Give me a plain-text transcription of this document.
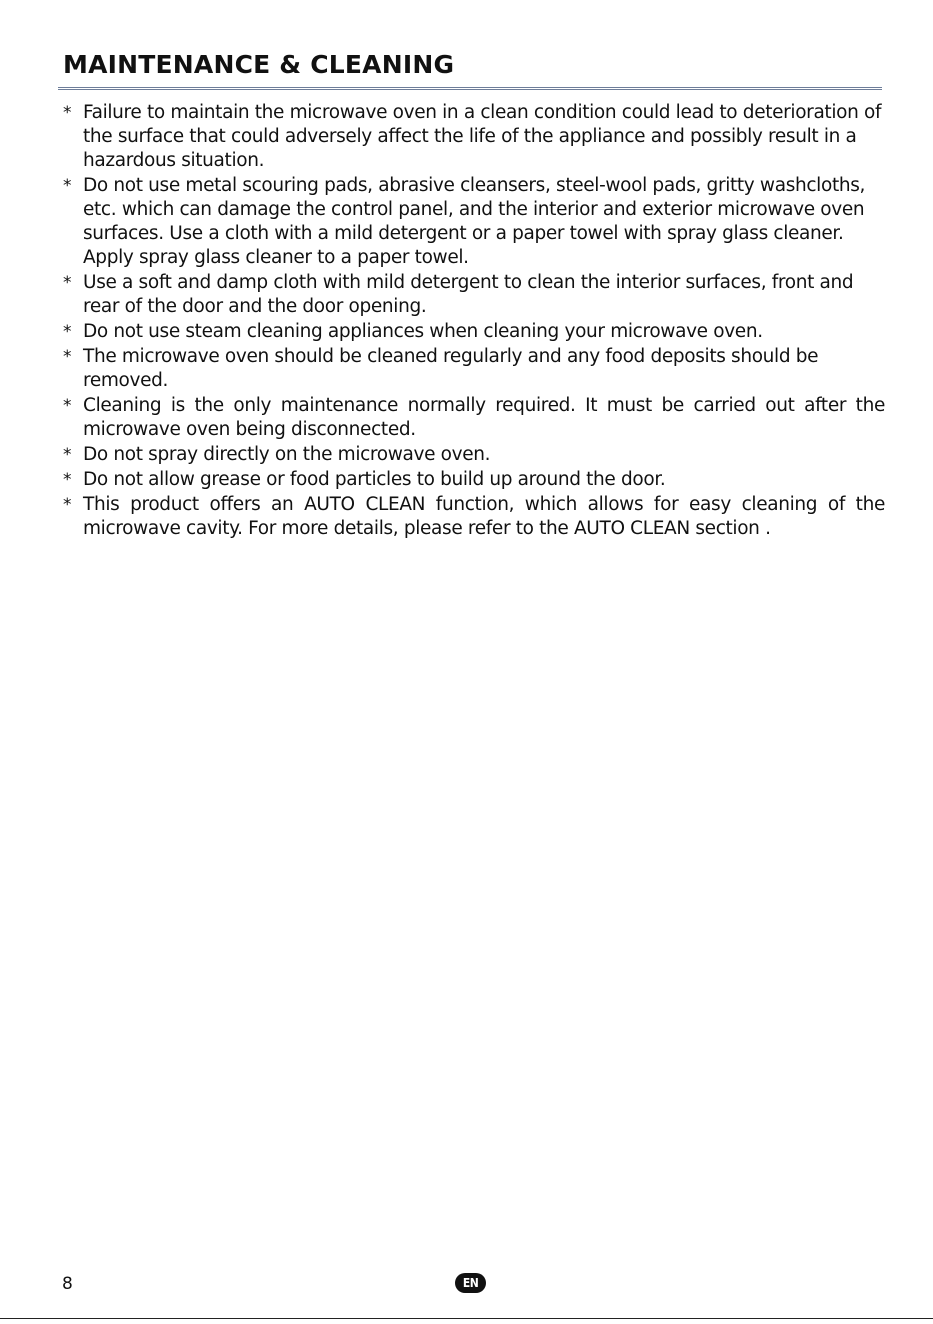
MAINTENANCE & CLEANING
* Failure to maintain the microwave oven in a clean condition could lead to deterioration of the surface that could adversely affect the life of the appliance and possibly result in a hazardous situation.
* Do not use metal scouring pads, abrasive cleansers, steel-wool pads, gritty washcloths, etc. which can damage the control panel, and the interior and exterior microwave oven surfaces. Use a cloth with a mild detergent or a paper towel with spray glass cleaner. Apply spray glass cleaner to a paper towel.
* Use a soft and damp cloth with mild detergent to clean the interior surfaces, front and rear of the door and the door opening.
* Do not use steam cleaning appliances when cleaning your microwave oven.
* The microwave oven should be cleaned regularly and any food deposits should be removed.
* Cleaning is the only maintenance normally required. It must be carried out after the microwave oven being disconnected.
* Do not spray directly on the microwave oven.
* Do not allow grease or food particles to build up around the door.
* This product offers an AUTO CLEAN function, which allows for easy cleaning of the microwave cavity. For more details, please refer to the AUTO CLEAN section .
8	EN
